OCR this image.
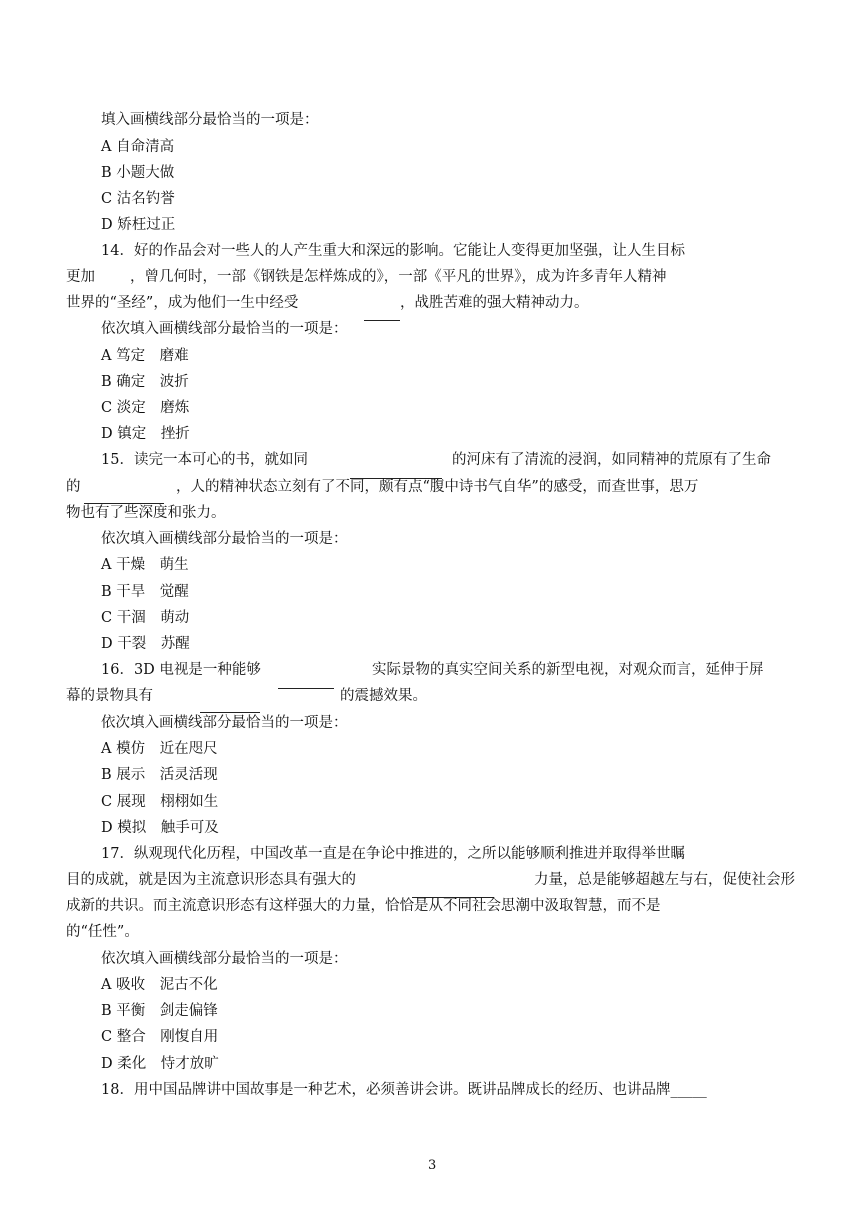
填入画横线部分最恰当的一项是：
A 自命清高
B 小题大做
C 沽名钓誉
D 矫枉过正
14．好的作品会对一些人的人产生重大和深远的影响。它能让人变得更加坚强，让人生目标
更加 ，曾几何时，一部《钢铁是怎样炼成的》，一部《平凡的世界》，成为许多青年人精神
世界的“圣经”，成为他们一生中经受	，战胜苦难的强大精神动力。
依次填入画横线部分最恰当的一项是：
A 笃定　磨难
B 确定　波折
C 淡定　磨炼
D 镇定　挫折
15．读完一本可心的书，就如同	的河床有了清流的浸润，如同精神的荒原有了生命
的	，人的精神状态立刻有了不同，颇有点“腹中诗书气自华”的感受，而查世事，思万
物也有了些深度和张力。
依次填入画横线部分最恰当的一项是：
A 干燥　萌生
B 干旱　觉醒
C 干涸　萌动
D 干裂　苏醒
16．3D 电视是一种能够	实际景物的真实空间关系的新型电视，对观众而言，延伸于屏
幕的景物具有	的震撼效果。
依次填入画横线部分最恰当的一项是：
A 模仿　近在咫尺
B 展示　活灵活现
C 展现　栩栩如生
D 模拟　触手可及
17．纵观现代化历程，中国改革一直是在争论中推进的，之所以能够顺利推进并取得举世瞩
目的成就，就是因为主流意识形态具有强大的	力量，总是能够超越左与右，促使社会形
成新的共识。而主流意识形态有这样强大的力量，恰恰是从不同社会思潮中汲取智慧，而不是
的“任性”。
依次填入画横线部分最恰当的一项是：
A 吸收　泥古不化
B 平衡　剑走偏锋
C 整合　刚愎自用
D 柔化　恃才放旷
18．用中国品牌讲中国故事是一种艺术，必须善讲会讲。既讲品牌成长的经历、也讲品牌_____
3
